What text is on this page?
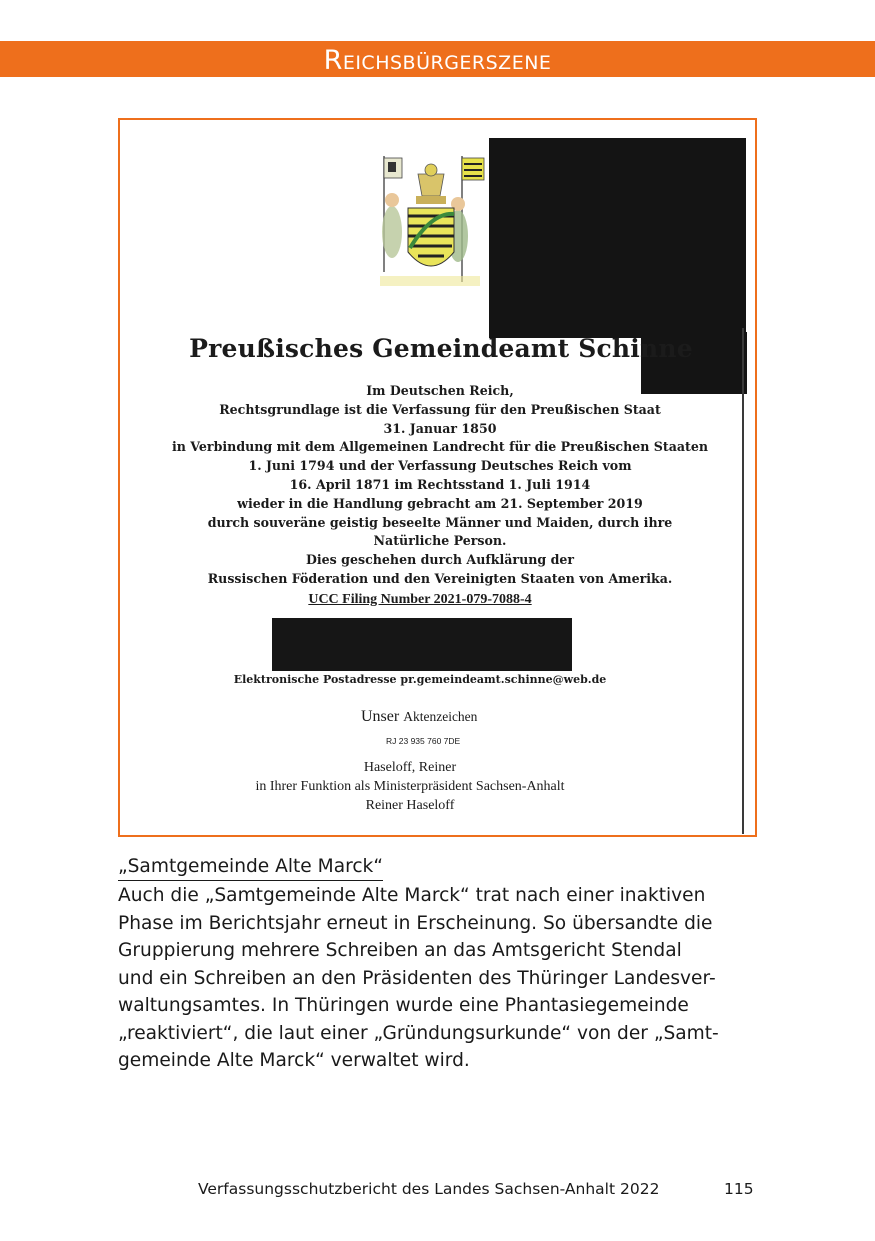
Reichsbürgerszene
Preußisches Gemeindeamt Schinne
Im Deutschen Reich,
Rechtsgrundlage ist die Verfassung für den Preußischen Staat
31. Januar 1850
in Verbindung mit dem Allgemeinen Landrecht für die Preußischen Staaten
1. Juni 1794 und der Verfassung Deutsches Reich vom
16. April 1871 im Rechtsstand 1. Juli 1914
wieder in die Handlung gebracht am 21. September 2019
durch souveräne geistig beseelte Männer und Maiden, durch ihre
Natürliche Person.
Dies geschehen durch Aufklärung der
Russischen Föderation und den Vereinigten Staaten von Amerika.
UCC Filing Number 2021-079-7088-4
Elektronische Postadresse pr.gemeindeamt.schinne@web.de
Unser Aktenzeichen
RJ 23 935 760 7DE
Haseloff, Reiner
in Ihrer Funktion als Ministerpräsident Sachsen-Anhalt
Reiner Haseloff
„Samtgemeinde Alte Marck“
Auch die „Samtgemeinde Alte Marck“ trat nach einer inaktiven
Phase im Berichtsjahr erneut in Erscheinung. So übersandte die
Gruppierung mehrere Schreiben an das Amtsgericht Stendal
und ein Schreiben an den Präsidenten des Thüringer Landesver-
waltungsamtes. In Thüringen wurde eine Phantasiegemeinde
„reaktiviert“, die laut einer „Gründungsurkunde“ von der „Samt-
gemeinde Alte Marck“ verwaltet wird.
Verfassungsschutzbericht des Landes Sachsen-Anhalt 2022	115
